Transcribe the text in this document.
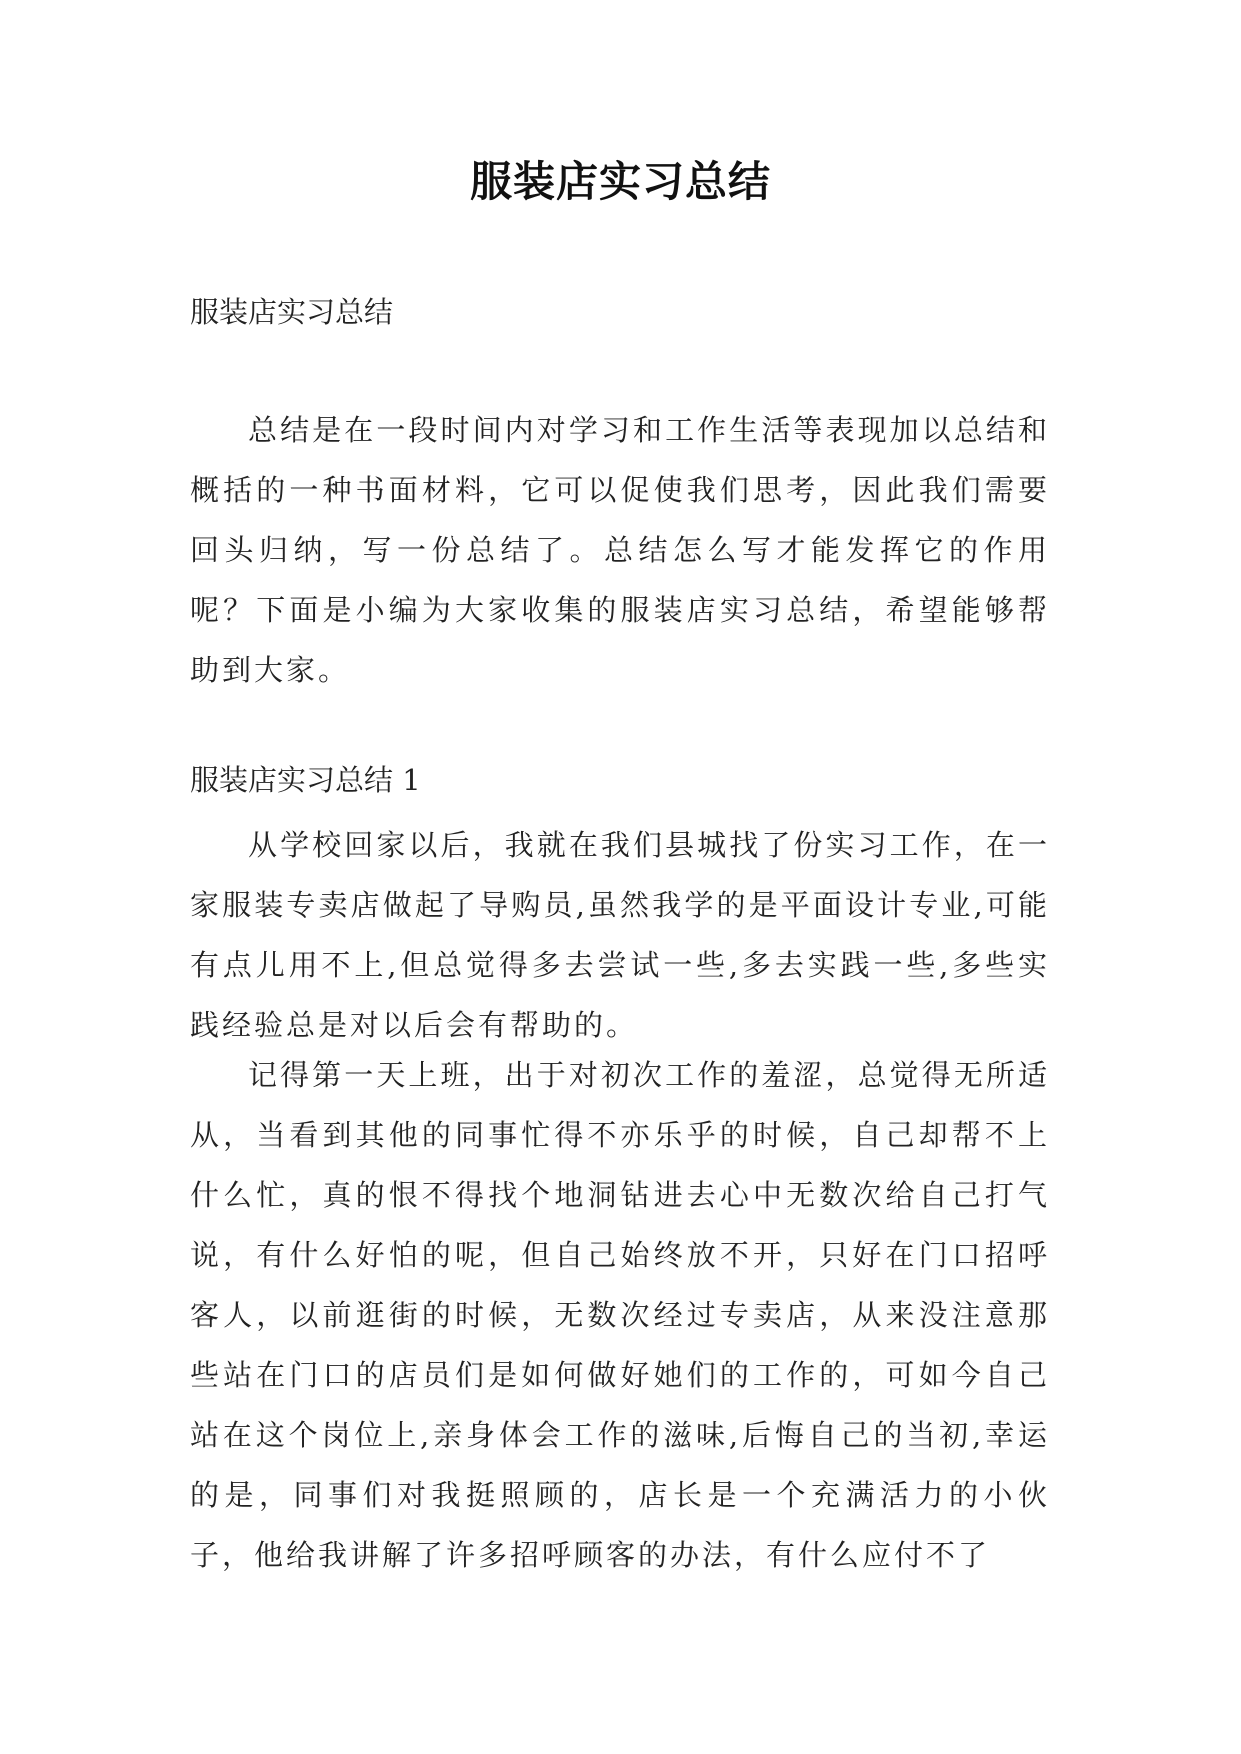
服装店实习总结
服装店实习总结

总结是在一段时间内对学习和工作生活等表现加以总结和概括的一种书面材料，它可以促使我们思考，因此我们需要回头归纳，写一份总结了。总结怎么写才能发挥它的作用呢？下面是小编为大家收集的服装店实习总结，希望能够帮助到大家。

服装店实习总结 1

从学校回家以后，我就在我们县城找了份实习工作，在一家服装专卖店做起了导购员,虽然我学的是平面设计专业,可能有点儿用不上,但总觉得多去尝试一些,多去实践一些,多些实践经验总是对以后会有帮助的。

记得第一天上班，出于对初次工作的羞涩，总觉得无所适从，当看到其他的同事忙得不亦乐乎的时候，自己却帮不上什么忙，真的恨不得找个地洞钻进去心中无数次给自己打气说，有什么好怕的呢，但自己始终放不开，只好在门口招呼客人，以前逛街的时候，无数次经过专卖店，从来没注意那些站在门口的店员们是如何做好她们的工作的，可如今自己站在这个岗位上,亲身体会工作的滋味,后悔自己的当初,幸运的是，同事们对我挺照顾的，店长是一个充满活力的小伙子，他给我讲解了许多招呼顾客的办法，有什么应付不了
